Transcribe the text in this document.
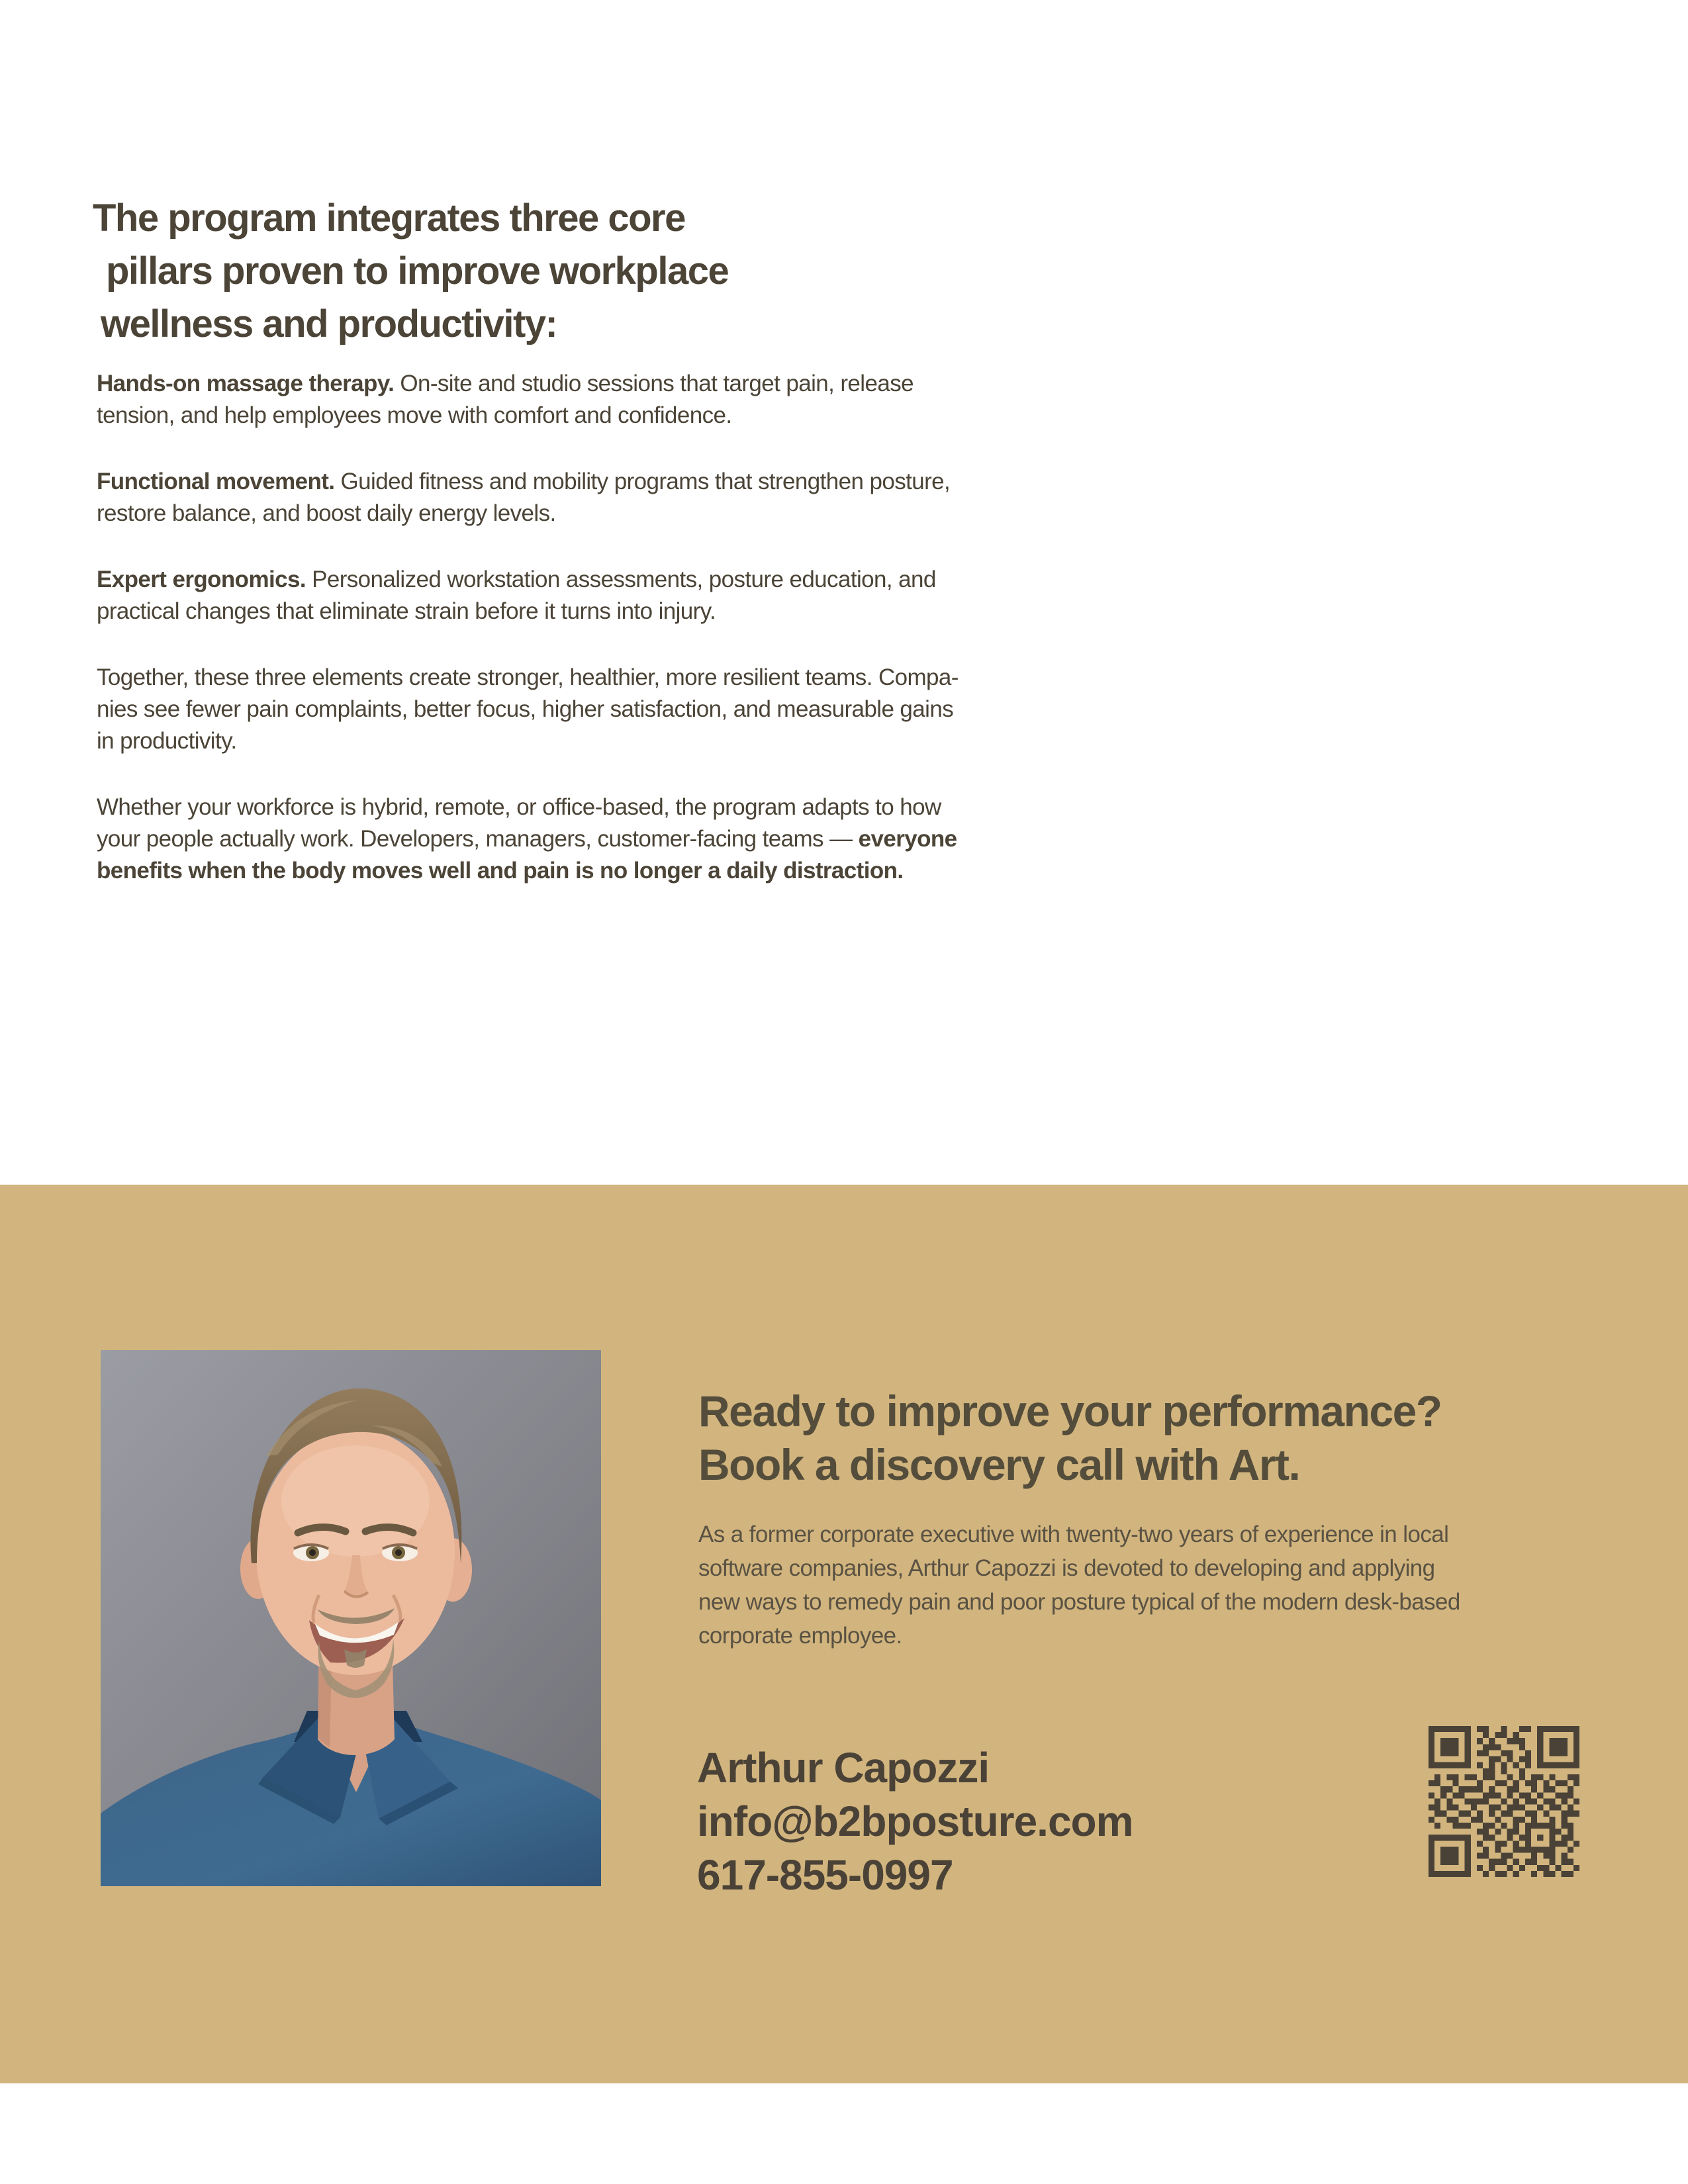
The program integrates three core
pillars proven to improve workplace
wellness and productivity:
Hands-on massage therapy. On-site and studio sessions that target pain, release
tension, and help employees move with comfort and confidence.
Functional movement. Guided fitness and mobility programs that strengthen posture,
restore balance, and boost daily energy levels.
Expert ergonomics. Personalized workstation assessments, posture education, and
practical changes that eliminate strain before it turns into injury.
Together, these three elements create stronger, healthier, more resilient teams. Compa-
nies see fewer pain complaints, better focus, higher satisfaction, and measurable gains
in productivity.
Whether your workforce is hybrid, remote, or office-based, the program adapts to how
your people actually work. Developers, managers, customer-facing teams — everyone
benefits when the body moves well and pain is no longer a daily distraction.
Ready to improve your performance?
Book a discovery call with Art.
As a former corporate executive with twenty-two years of experience in local
software companies, Arthur Capozzi is devoted to developing and applying
new ways to remedy pain and poor posture typical of the modern desk-based
corporate employee.
Arthur Capozzi
info@b2bposture.com
617-855-0997
